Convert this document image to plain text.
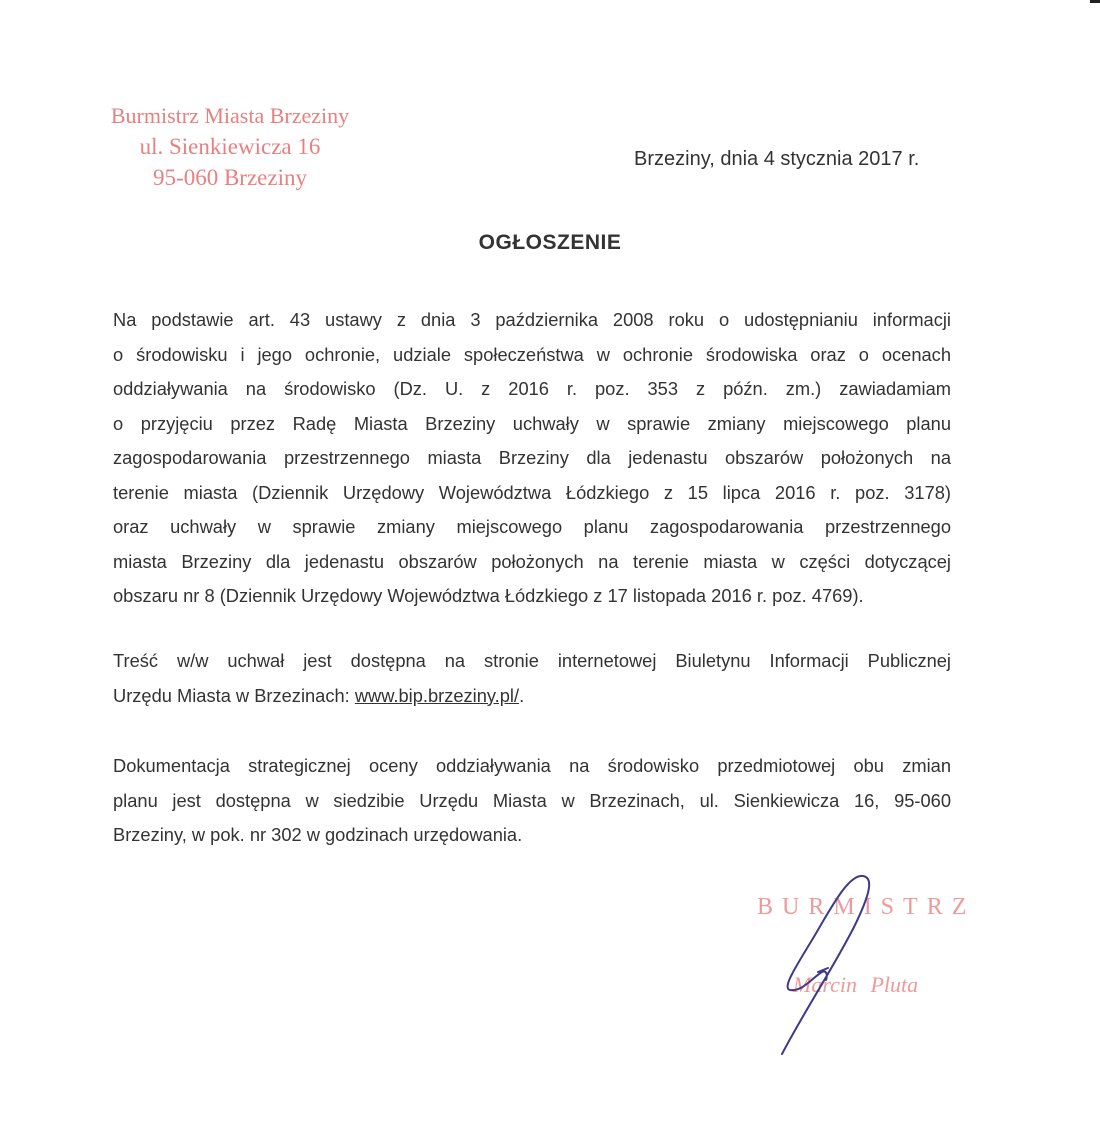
Burmistrz Miasta Brzeziny
ul. Sienkiewicza 16
95-060 Brzeziny
Brzeziny, dnia 4 stycznia 2017 r.
OGŁOSZENIE
Na podstawie art. 43 ustawy z dnia 3 października 2008 roku o udostępnianiu informacji
o środowisku i jego ochronie, udziale społeczeństwa w ochronie środowiska oraz o ocenach
oddziaływania na środowisko (Dz. U. z 2016 r. poz. 353 z późn. zm.) zawiadamiam
o przyjęciu przez Radę Miasta Brzeziny uchwały w sprawie zmiany miejscowego planu
zagospodarowania przestrzennego miasta Brzeziny dla jedenastu obszarów położonych na
terenie miasta (Dziennik Urzędowy Województwa Łódzkiego z 15 lipca 2016 r. poz. 3178)
oraz uchwały w sprawie zmiany miejscowego planu zagospodarowania przestrzennego
miasta Brzeziny dla jedenastu obszarów położonych na terenie miasta w części dotyczącej
obszaru nr 8 (Dziennik Urzędowy Województwa Łódzkiego z 17 listopada 2016 r. poz. 4769).
Treść w/w uchwał jest dostępna na stronie internetowej Biuletynu Informacji Publicznej
Urzędu Miasta w Brzezinach: www.bip.brzeziny.pl/.
Dokumentacja strategicznej oceny oddziaływania na środowisko przedmiotowej obu zmian
planu jest dostępna w siedzibie Urzędu Miasta w Brzezinach, ul. Sienkiewicza 16, 95-060
Brzeziny, w pok. nr 302 w godzinach urzędowania.
BURMISTRZ
Marcin Pluta
